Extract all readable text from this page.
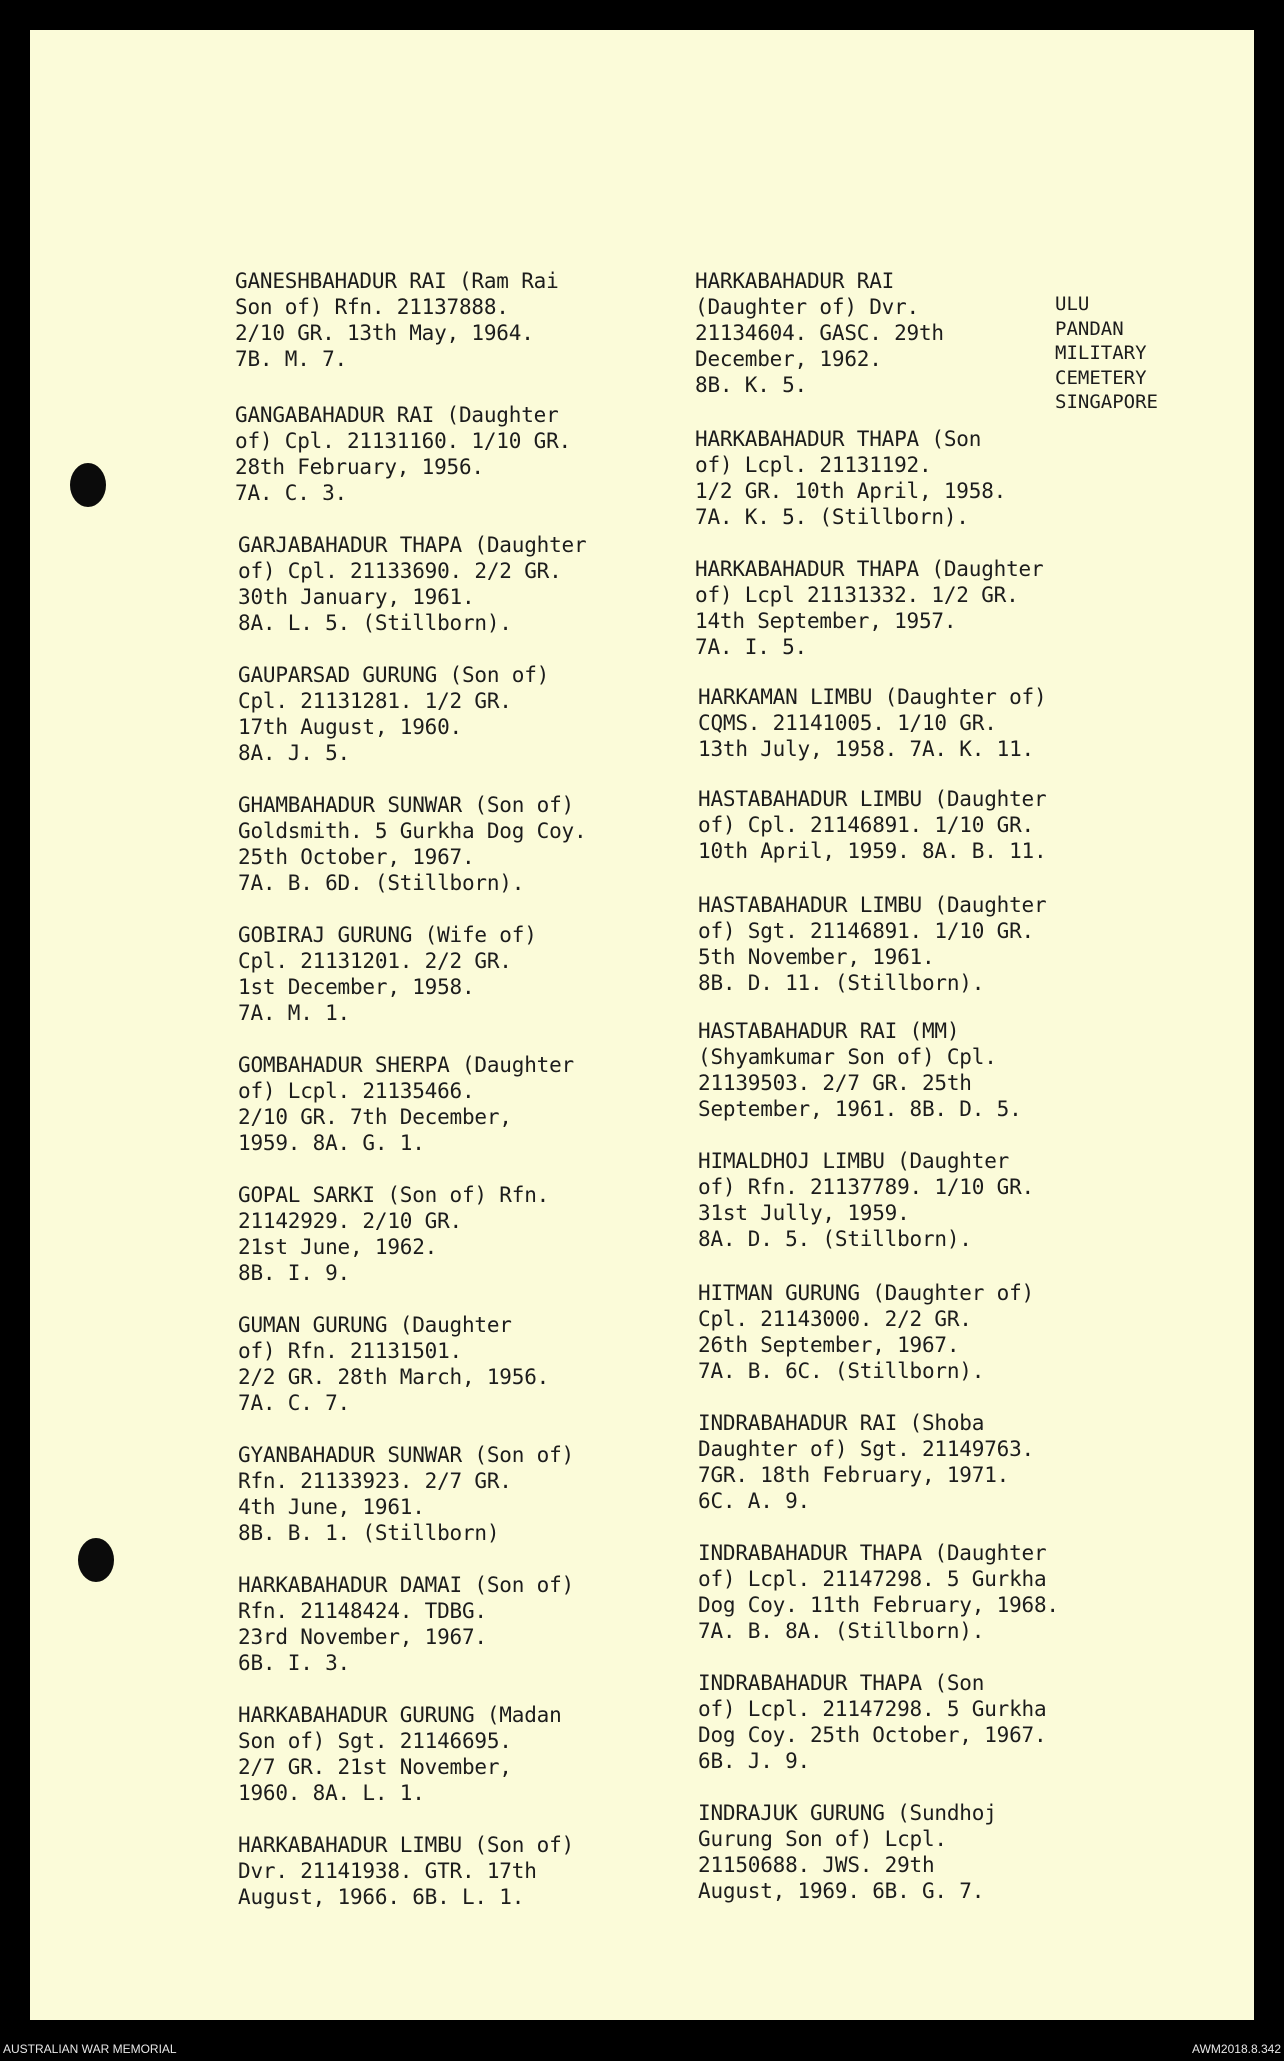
ULU
PANDAN
MILITARY
CEMETERY
SINGAPORE
GANESHBAHADUR RAI (Ram Rai
Son of) Rfn. 21137888.
2/10 GR. 13th May, 1964.
7B. M. 7.
GANGABAHADUR RAI (Daughter
of) Cpl. 21131160. 1/10 GR.
28th February, 1956.
7A. C. 3.
GARJABAHADUR THAPA (Daughter
of) Cpl. 21133690. 2/2 GR.
30th January, 1961.
8A. L. 5. (Stillborn).
GAUPARSAD GURUNG (Son of)
Cpl. 21131281. 1/2 GR.
17th August, 1960.
8A. J. 5.
GHAMBAHADUR SUNWAR (Son of)
Goldsmith. 5 Gurkha Dog Coy.
25th October, 1967.
7A. B. 6D. (Stillborn).
GOBIRAJ GURUNG (Wife of)
Cpl. 21131201. 2/2 GR.
1st December, 1958.
7A. M. 1.
GOMBAHADUR SHERPA (Daughter
of) Lcpl. 21135466.
2/10 GR. 7th December,
1959. 8A. G. 1.
GOPAL SARKI (Son of) Rfn.
21142929. 2/10 GR.
21st June, 1962.
8B. I. 9.
GUMAN GURUNG (Daughter
of) Rfn. 21131501.
2/2 GR. 28th March, 1956.
7A. C. 7.
GYANBAHADUR SUNWAR (Son of)
Rfn. 21133923. 2/7 GR.
4th June, 1961.
8B. B. 1. (Stillborn)
HARKABAHADUR DAMAI (Son of)
Rfn. 21148424. TDBG.
23rd November, 1967.
6B. I. 3.
HARKABAHADUR GURUNG (Madan
Son of) Sgt. 21146695.
2/7 GR. 21st November,
1960. 8A. L. 1.
HARKABAHADUR LIMBU (Son of)
Dvr. 21141938. GTR. 17th
August, 1966. 6B. L. 1.
HARKABAHADUR RAI
(Daughter of) Dvr.
21134604. GASC. 29th
December, 1962.
8B. K. 5.
HARKABAHADUR THAPA (Son
of) Lcpl. 21131192.
1/2 GR. 10th April, 1958.
7A. K. 5. (Stillborn).
HARKABAHADUR THAPA (Daughter
of) Lcpl 21131332. 1/2 GR.
14th September, 1957.
7A. I. 5.
HARKAMAN LIMBU (Daughter of)
CQMS. 21141005. 1/10 GR.
13th July, 1958. 7A. K. 11.
HASTABAHADUR LIMBU (Daughter
of) Cpl. 21146891. 1/10 GR.
10th April, 1959. 8A. B. 11.
HASTABAHADUR LIMBU (Daughter
of) Sgt. 21146891. 1/10 GR.
5th November, 1961.
8B. D. 11. (Stillborn).
HASTABAHADUR RAI (MM)
(Shyamkumar Son of) Cpl.
21139503. 2/7 GR. 25th
September, 1961. 8B. D. 5.
HIMALDHOJ LIMBU (Daughter
of) Rfn. 21137789. 1/10 GR.
31st Jully, 1959.
8A. D. 5. (Stillborn).
HITMAN GURUNG (Daughter of)
Cpl. 21143000. 2/2 GR.
26th September, 1967.
7A. B. 6C. (Stillborn).
INDRABAHADUR RAI (Shoba
Daughter of) Sgt. 21149763.
7GR. 18th February, 1971.
6C. A. 9.
INDRABAHADUR THAPA (Daughter
of) Lcpl. 21147298. 5 Gurkha
Dog Coy. 11th February, 1968.
7A. B. 8A. (Stillborn).
INDRABAHADUR THAPA (Son
of) Lcpl. 21147298. 5 Gurkha
Dog Coy. 25th October, 1967.
6B. J. 9.
INDRAJUK GURUNG (Sundhoj
Gurung Son of) Lcpl.
21150688. JWS. 29th
August, 1969. 6B. G. 7.
AUSTRALIAN WAR MEMORIAL	AWM2018.8.342
